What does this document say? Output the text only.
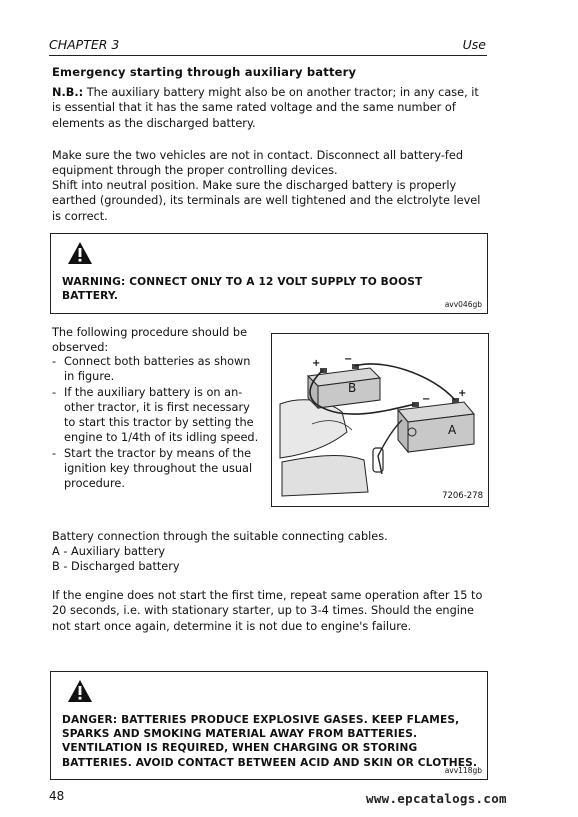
CHAPTER 3	Use
Emergency starting through auxiliary battery
N.B.: The auxiliary battery might also be on another tractor; in any case, it is essential that it has the same rated voltage and the same number of elements as the discharged battery.
Make sure the two vehicles are not in contact. Disconnect all battery-fed equipment through the proper controlling devices.
Shift into neutral position. Make sure the discharged battery is properly earthed (grounded), its terminals are well tightened and the elctrolyte level is correct.
WARNING: CONNECT ONLY TO A 12 VOLT SUPPLY TO BOOST BATTERY.
avv046gb
The following procedure should be observed:
- Connect both batteries as shown in figure.
- If the auxiliary battery is on an-other tractor, it is first necessary to start this tractor by setting the engine to 1/4th of its idling speed.
- Start the tractor by means of the ignition key throughout the usual procedure.
B
A
+ −
+
−
7206-278
Battery connection through the suitable connecting cables.
A - Auxiliary battery
B - Discharged battery
If the engine does not start the first time, repeat same operation after 15 to 20 seconds, i.e. with stationary starter, up to 3-4 times. Should the engine not start once again, determine it is not due to engine's failure.
DANGER: BATTERIES PRODUCE EXPLOSIVE GASES. KEEP FLAMES, SPARKS AND SMOKING MATERIAL AWAY FROM BATTERIES. VENTILATION IS REQUIRED, WHEN CHARGING OR STORING BATTERIES. AVOID CONTACT BETWEEN ACID AND SKIN OR CLOTHES.
avv118gb
48	www.epcatalogs.com
